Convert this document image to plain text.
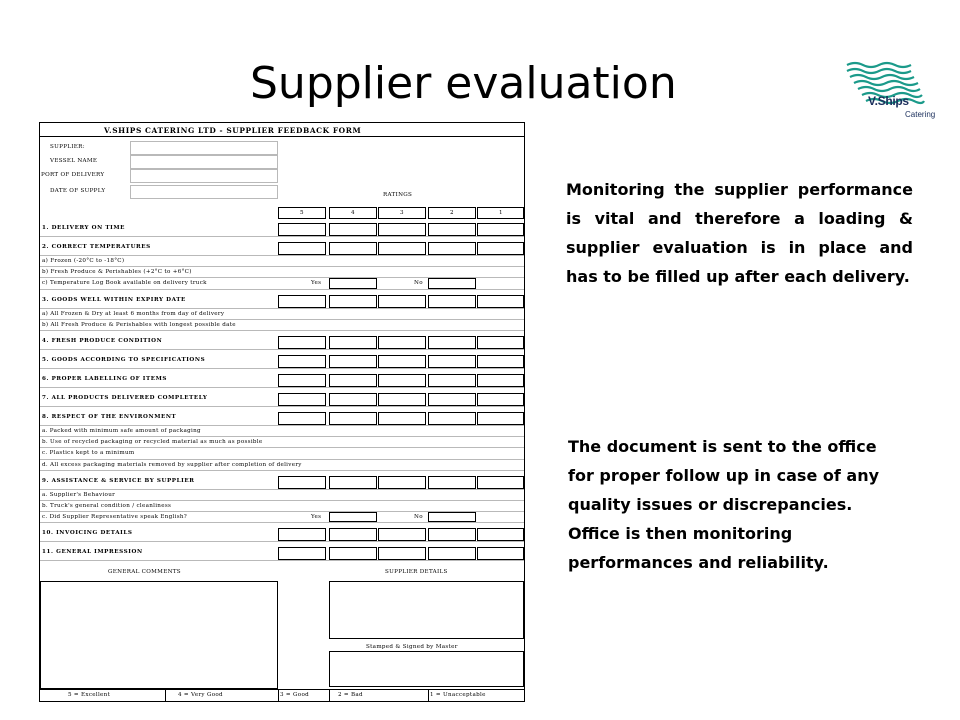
Supplier evaluation	V.Ships
Catering

Monitoring the supplier performance is vital and therefore a loading & supplier evaluation is in place and has to be filled up after each delivery.

The document is sent to the office for proper follow up in case of any quality issues or discrepancies. Office is then monitoring performances and reliability.

V.SHIPS CATERING LTD - SUPPLIER FEEDBACK FORM
SUPPLIER:
VESSEL NAME
PORT OF DELIVERY
DATE OF SUPPLY
RATINGS
5	4	3	2	1
1. DELIVERY ON TIME
2. CORRECT TEMPERATURES
a) Frozen (-20°C to -18°C)
b) Fresh Produce & Perishables (+2°C to +6°C)
c) Temperature Log Book available on delivery truck	Yes	No
3. GOODS WELL WITHIN EXPIRY DATE
a) All Frozen & Dry at least 6 months from day of delivery
b) All Fresh Produce & Perishables with longest possible date
4. FRESH PRODUCE CONDITION
5. GOODS ACCORDING TO SPECIFICATIONS
6. PROPER LABELLING OF ITEMS
7. ALL PRODUCTS DELIVERED COMPLETELY
8. RESPECT OF THE ENVIRONMENT
a. Packed with minimum safe amount of packaging
b. Use of recycled packaging or recycled material as much as possible
c. Plastics kept to a minimum
d. All excess packaging materials removed by supplier after completion of delivery
9. ASSISTANCE & SERVICE BY SUPPLIER
a. Supplier's Behaviour
b. Truck's general condition / cleanliness
c. Did Supplier Representative speak English?	Yes	No
10. INVOICING DETAILS
11. GENERAL IMPRESSION
GENERAL COMMENTS	SUPPLIER DETAILS
Stamped & Signed by Master
5 = Excellent	4 = Very Good	3 = Good	2 = Bad	1 = Unacceptable
